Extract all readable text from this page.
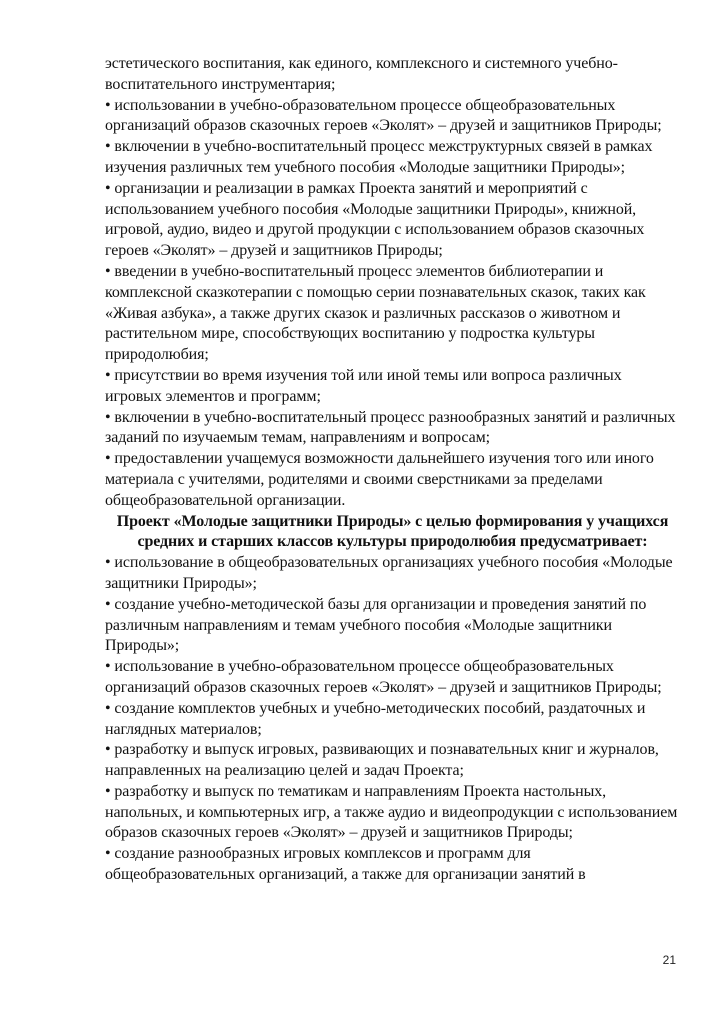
эстетического воспитания, как единого, комплексного и системного учебно-воспитательного инструментария;

• использовании в учебно-образовательном процессе общеобразовательных организаций образов сказочных героев «Эколят» – друзей и защитников Природы;

• включении в учебно-воспитательный процесс межструктурных связей в рамках изучения различных тем учебного пособия «Молодые защитники Природы»;

• организации и реализации в рамках Проекта занятий и мероприятий с использованием учебного пособия «Молодые защитники Природы», книжной, игровой, аудио, видео и другой продукции с использованием образов сказочных героев «Эколят» – друзей и защитников Природы;

• введении в учебно-воспитательный процесс элементов библиотерапии и комплексной сказкотерапии с помощью серии познавательных сказок, таких как «Живая азбука», а также других сказок и различных рассказов о животном и растительном мире, способствующих воспитанию у подростка культуры природолюбия;

• присутствии во время изучения той или иной темы или вопроса различных игровых элементов и программ;

• включении в учебно-воспитательный процесс разнообразных занятий и различных заданий по изучаемым темам, направлениям и вопросам;

• предоставлении учащемуся возможности дальнейшего изучения того или иного материала с учителями, родителями и своими сверстниками за пределами общеобразовательной организации.

Проект «Молодые защитники Природы» с целью формирования у учащихся средних и старших классов культуры природолюбия предусматривает:

• использование в общеобразовательных организациях учебного пособия «Молодые защитники Природы»;

• создание учебно-методической базы для организации и проведения занятий по различным направлениям и темам учебного пособия «Молодые защитники Природы»;

• использование в учебно-образовательном процессе общеобразовательных организаций образов сказочных героев «Эколят» – друзей и защитников Природы;

• создание комплектов учебных и учебно-методических пособий, раздаточных и наглядных материалов;

• разработку и выпуск игровых, развивающих и познавательных книг и журналов, направленных на реализацию целей и задач Проекта;

• разработку и выпуск по тематикам и направлениям Проекта настольных, напольных, и компьютерных игр, а также аудио и видеопродукции с использованием образов сказочных героев «Эколят» – друзей и защитников Природы;

• создание разнообразных игровых комплексов и программ для общеобразовательных организаций, а также для организации занятий в

21
